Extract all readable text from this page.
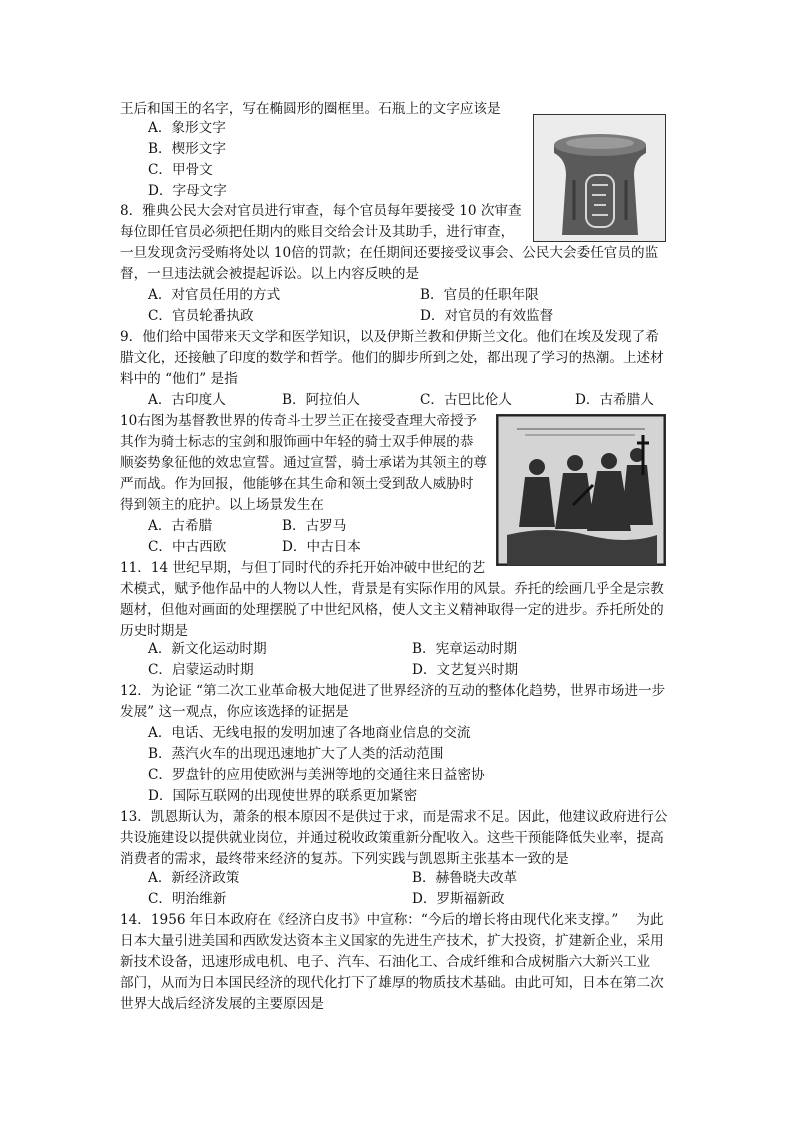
王后和国王的名字，写在椭圆形的圈框里。石瓶上的文字应该是
A．象形文字
B．楔形文字
C．甲骨文
D．字母文字
8．雅典公民大会对官员进行审查，每个官员每年要接受 10 次审查
每位即任官员必须把任期内的账目交给会计及其助手，进行审查，
一旦发现贪污受贿将处以 10倍的罚款；在任期间还要接受议事会、公民大会委任官员的监
督，一旦违法就会被提起诉讼。以上内容反映的是
A．对官员任用的方式	B．官员的任职年限
C．官员轮番执政	D．对官员的有效监督
9．他们给中国带来天文学和医学知识，以及伊斯兰教和伊斯兰文化。他们在埃及发现了希
腊文化，还接触了印度的数学和哲学。他们的脚步所到之处，都出现了学习的热潮。上述材
料中的 “他们” 是指
A．古印度人	B．阿拉伯人	C．古巴比伦人	D．古希腊人
10右图为基督教世界的传奇斗士罗兰正在接受查理大帝授予
其作为骑士标志的宝剑和服饰画中年轻的骑士双手伸展的恭
顺姿势象征他的效忠宣誓。通过宣誓，骑士承诺为其领主的尊
严而战。作为回报，他能够在其生命和领土受到敌人威胁时
得到领主的庇护。以上场景发生在
A．古希腊	B．古罗马
C．中古西欧	D．中古日本
11．14 世纪早期，与但丁同时代的乔托开始冲破中世纪的艺
术模式，赋予他作品中的人物以人性，背景是有实际作用的风景。乔托的绘画几乎全是宗教
题材，但他对画面的处理摆脱了中世纪风格，使人文主义精神取得一定的进步。乔托所处的
历史时期是
A．新文化运动时期	B．宪章运动时期
C．启蒙运动时期	D．文艺复兴时期
12．为论证 “第二次工业革命极大地促进了世界经济的互动的整体化趋势，世界市场进一步
发展” 这一观点，你应该选择的证据是
A．电话、无线电报的发明加速了各地商业信息的交流
B．蒸汽火车的出现迅速地扩大了人类的活动范围
C．罗盘针的应用使欧洲与美洲等地的交通往来日益密协
D．国际互联网的出现使世界的联系更加紧密
13．凯恩斯认为，萧条的根本原因不是供过于求，而是需求不足。因此，他建议政府进行公
共设施建设以提供就业岗位，并通过税收政策重新分配收入。这些干预能降低失业率，提高
消费者的需求，最终带来经济的复苏。下列实践与凯恩斯主张基本一致的是
A．新经济政策	B．赫鲁晓夫改革
C．明治维新	D．罗斯福新政
14．1956 年日本政府在《经济白皮书》中宣称：“今后的增长将由现代化来支撑。”　 为此
日本大量引进美国和西欧发达资本主义国家的先进生产技术，扩大投资，扩建新企业，采用
新技术设备，迅速形成电机、电子、汽车、石油化工、合成纤维和合成树脂六大新兴工业
部门，从而为日本国民经济的现代化打下了雄厚的物质技术基础。由此可知，日本在第二次
世界大战后经济发展的主要原因是
